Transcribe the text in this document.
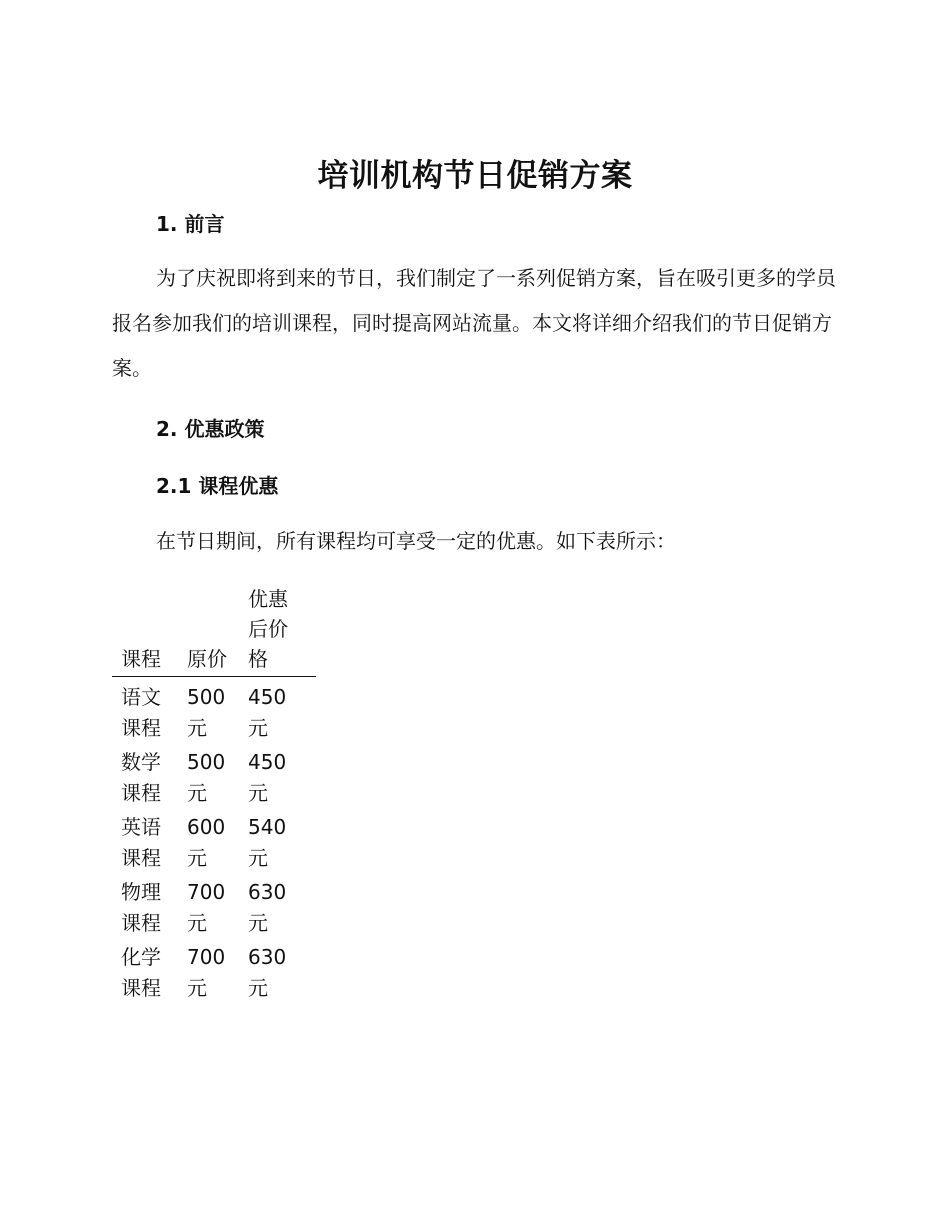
培训机构节日促销方案
1. 前言

为了庆祝即将到来的节日，我们制定了一系列促销方案，旨在吸引更多的学员报名参加我们的培训课程，同时提高网站流量。本文将详细介绍我们的节日促销方案。

2. 优惠政策
2.1 课程优惠

在节日期间，所有课程均可享受一定的优惠。如下表所示：

课程	原价	优惠后价格

语文课程	500元	450元

数学课程	500元	450元

英语课程	600元	540元

物理课程	700元	630元

化学课程	700元	630元
